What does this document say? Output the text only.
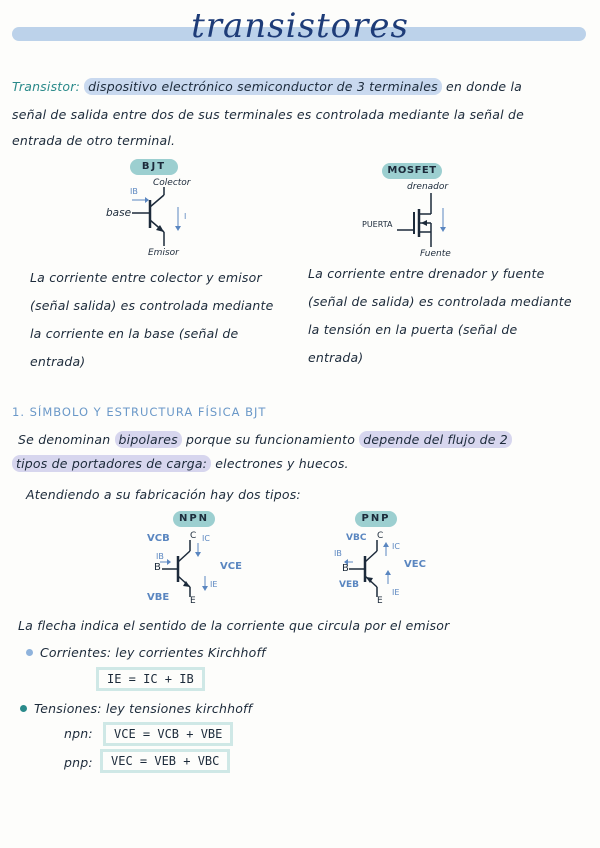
transistores
Transistor: dispositivo electrónico semiconductor de 3 terminales en donde la
señal de salida entre dos de sus terminales es controlada mediante la señal de
entrada de otro terminal.
BJT	MOSFET
Colector
base
Emisor
IB
I
drenador
PUERTA
Fuente
La corriente entre colector y emisor
(señal salida) es controlada mediante
la corriente en la base (señal de
entrada)
La corriente entre drenador y fuente
(señal de salida) es controlada mediante
la tensión en la puerta (señal de
entrada)
1. SÍMBOLO Y ESTRUCTURA FÍSICA BJT
Se denominan bipolares porque su funcionamiento depende del flujo de 2
tipos de portadores de carga: electrones y huecos.
Atendiendo a su fabricación hay dos tipos:
NPN	PNP
VCB
VCE
VBE
IC
IB
IE
B
C
E
VBC
VEC
VEB
IC
IB
IE
B
C
E
La flecha indica el sentido de la corriente que circula por el emisor
Corrientes: ley corrientes Kirchhoff
IE = IC + IB
Tensiones: ley tensiones kirchhoff
npn:	VCE = VCB + VBE
pnp:	VEC = VEB + VBC
